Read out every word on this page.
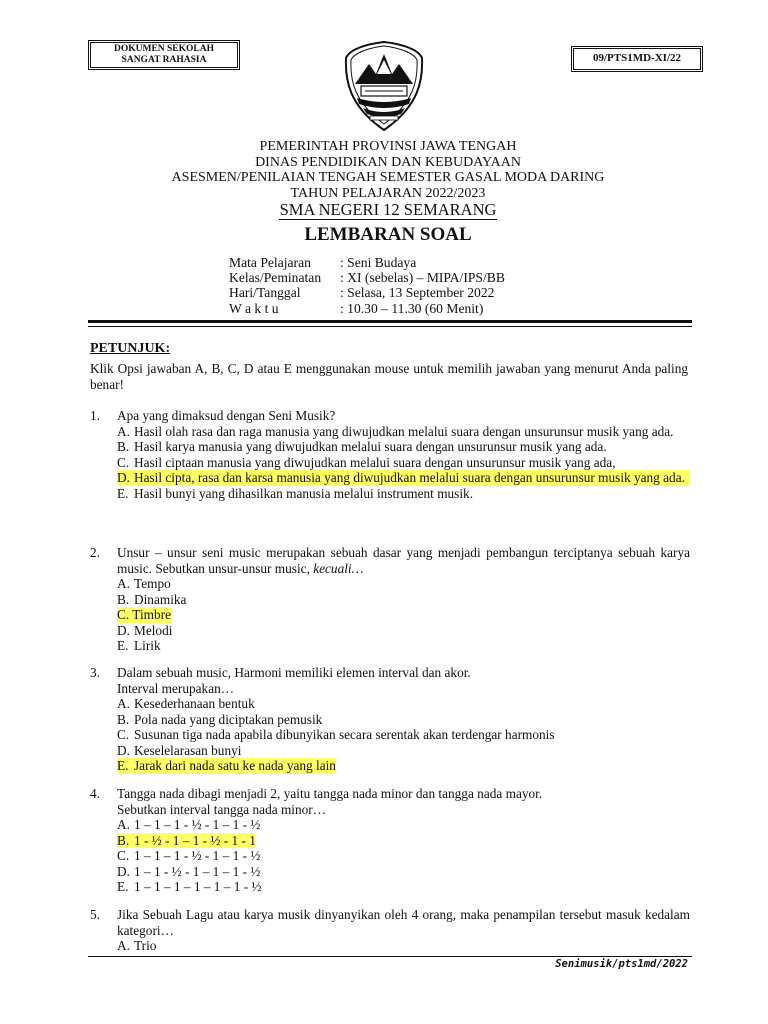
DOKUMEN SEKOLAH
SANGAT RAHASIA	09/PTS1MD-XI/22
PEMERINTAH PROVINSI JAWA TENGAH
DINAS PENDIDIKAN DAN KEBUDAYAAN
ASESMEN/PENILAIAN TENGAH SEMESTER GASAL MODA DARING
TAHUN PELAJARAN 2022/2023
SMA NEGERI 12 SEMARANG
LEMBARAN SOAL
Mata Pelajaran	: Seni Budaya
Kelas/Peminatan	: XI (sebelas) – MIPA/IPS/BB
Hari/Tanggal	: Selasa, 13 September 2022
W a k t u	: 10.30 – 11.30 (60 Menit)
PETUNJUK:
Klik Opsi jawaban A, B, C, D atau E menggunakan mouse untuk memilih jawaban yang menurut Anda paling benar!
1.	Apa yang dimaksud dengan Seni Musik?
A. Hasil olah rasa dan raga manusia yang diwujudkan melalui suara dengan unsurunsur musik yang ada.
B. Hasil karya manusia yang diwujudkan melalui suara dengan unsurunsur musik yang ada.
C. Hasil ciptaan manusia yang diwujudkan melalui suara dengan unsurunsur musik yang ada,
D. Hasil cipta, rasa dan karsa manusia yang diwujudkan melalui suara dengan unsurunsur musik yang ada.
E. Hasil bunyi yang dihasilkan manusia melalui instrument musik.
2.	Unsur – unsur seni music merupakan sebuah dasar yang menjadi pembangun terciptanya sebuah karya music. Sebutkan unsur-unsur music, kecuali…
A. Tempo
B. Dinamika
C. Timbre
D. Melodi
E. Lirik
3.	Dalam sebuah music, Harmoni memiliki elemen interval dan akor.
Interval merupakan…
A. Kesederhanaan bentuk
B. Pola nada yang diciptakan pemusik
C. Susunan tiga nada apabila dibunyikan secara serentak akan terdengar harmonis
D. Keselelarasan bunyi
E. Jarak dari nada satu ke nada yang lain
4.	Tangga nada dibagi menjadi 2, yaitu tangga nada minor dan tangga nada mayor.
Sebutkan interval tangga nada minor…
A. 1 – 1 – 1 - ½ - 1 – 1 - ½
B. 1 - ½ - 1 – 1 - ½ - 1 - 1
C. 1 – 1 – 1 - ½ - 1 – 1 - ½
D. 1 – 1 - ½ - 1 – 1 – 1 - ½
E. 1 – 1 – 1 – 1 – 1 – 1 - ½
5.	Jika Sebuah Lagu atau karya musik dinyanyikan oleh 4 orang, maka penampilan tersebut masuk kedalam kategori…
A. Trio
Senimusik/pts1md/2022
